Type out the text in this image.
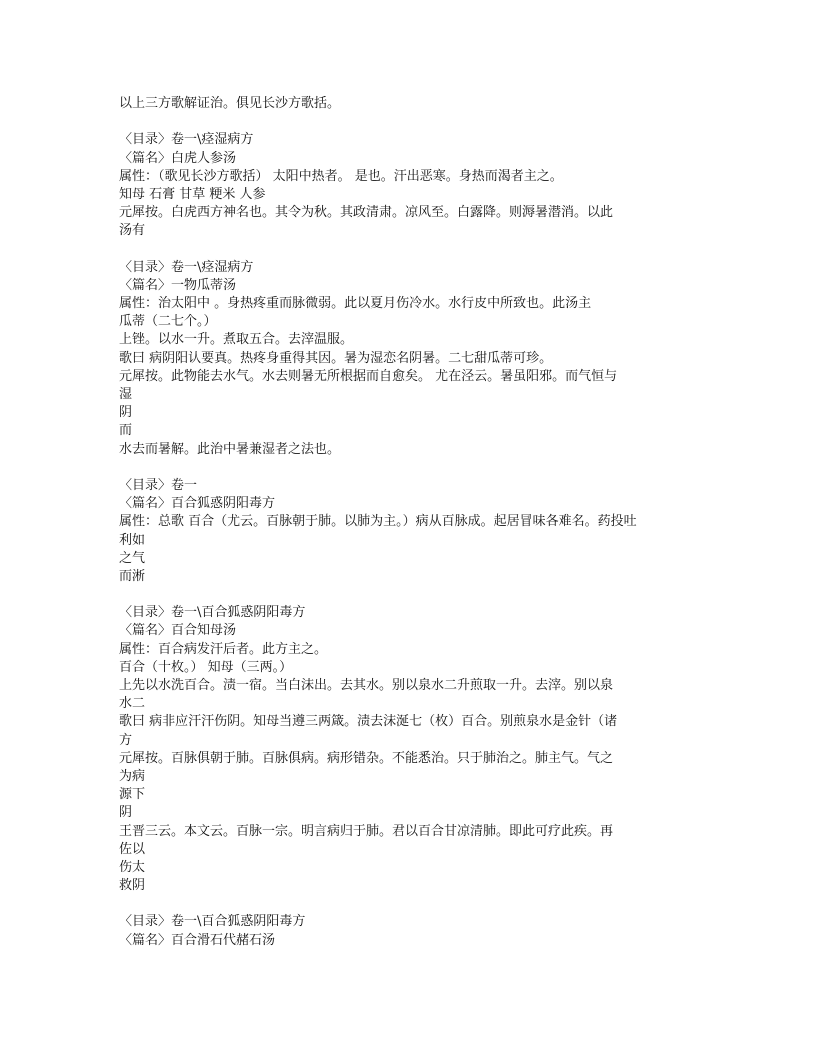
以上三方歌解证治。俱见长沙方歌括。
〈目录〉卷一\痉湿病方
〈篇名〉白虎人参汤
属性：（歌见长沙方歌括） 太阳中热者。 是也。汗出恶寒。身热而渴者主之。
知母 石膏 甘草 粳米 人参
元犀按。白虎西方神名也。其令为秋。其政清肃。凉风至。白露降。则溽暑潜消。以此
汤有
〈目录〉卷一\痉湿病方
〈篇名〉一物瓜蒂汤
属性：治太阳中 。身热疼重而脉微弱。此以夏月伤冷水。水行皮中所致也。此汤主
瓜蒂（二七个。）
上锉。以水一升。煮取五合。去滓温服。
歌曰 病阴阳认要真。热疼身重得其因。暑为湿恋名阴暑。二七甜瓜蒂可珍。
元犀按。此物能去水气。水去则暑无所根据而自愈矣。 尤在泾云。暑虽阳邪。而气恒与
湿
阴
而
水去而暑解。此治中暑兼湿者之法也。
〈目录〉卷一
〈篇名〉百合狐惑阴阳毒方
属性：总歌 百合（尤云。百脉朝于肺。以肺为主。）病从百脉成。起居冒味各难名。药投吐
利如
之气
而淅
〈目录〉卷一\百合狐惑阴阳毒方
〈篇名〉百合知母汤
属性：百合病发汗后者。此方主之。
百合（十枚。） 知母（三两。）
上先以水洗百合。渍一宿。当白沫出。去其水。别以泉水二升煎取一升。去滓。别以泉
水二
歌曰 病非应汗汗伤阴。知母当遵三两箴。渍去沫涎七（枚）百合。别煎泉水是金针（诸
方
元犀按。百脉俱朝于肺。百脉俱病。病形错杂。不能悉治。只于肺治之。肺主气。气之
为病
源下
阴
王晋三云。本文云。百脉一宗。明言病归于肺。君以百合甘凉清肺。即此可疗此疾。再
佐以
伤太
救阴
〈目录〉卷一\百合狐惑阴阳毒方
〈篇名〉百合滑石代赭石汤
